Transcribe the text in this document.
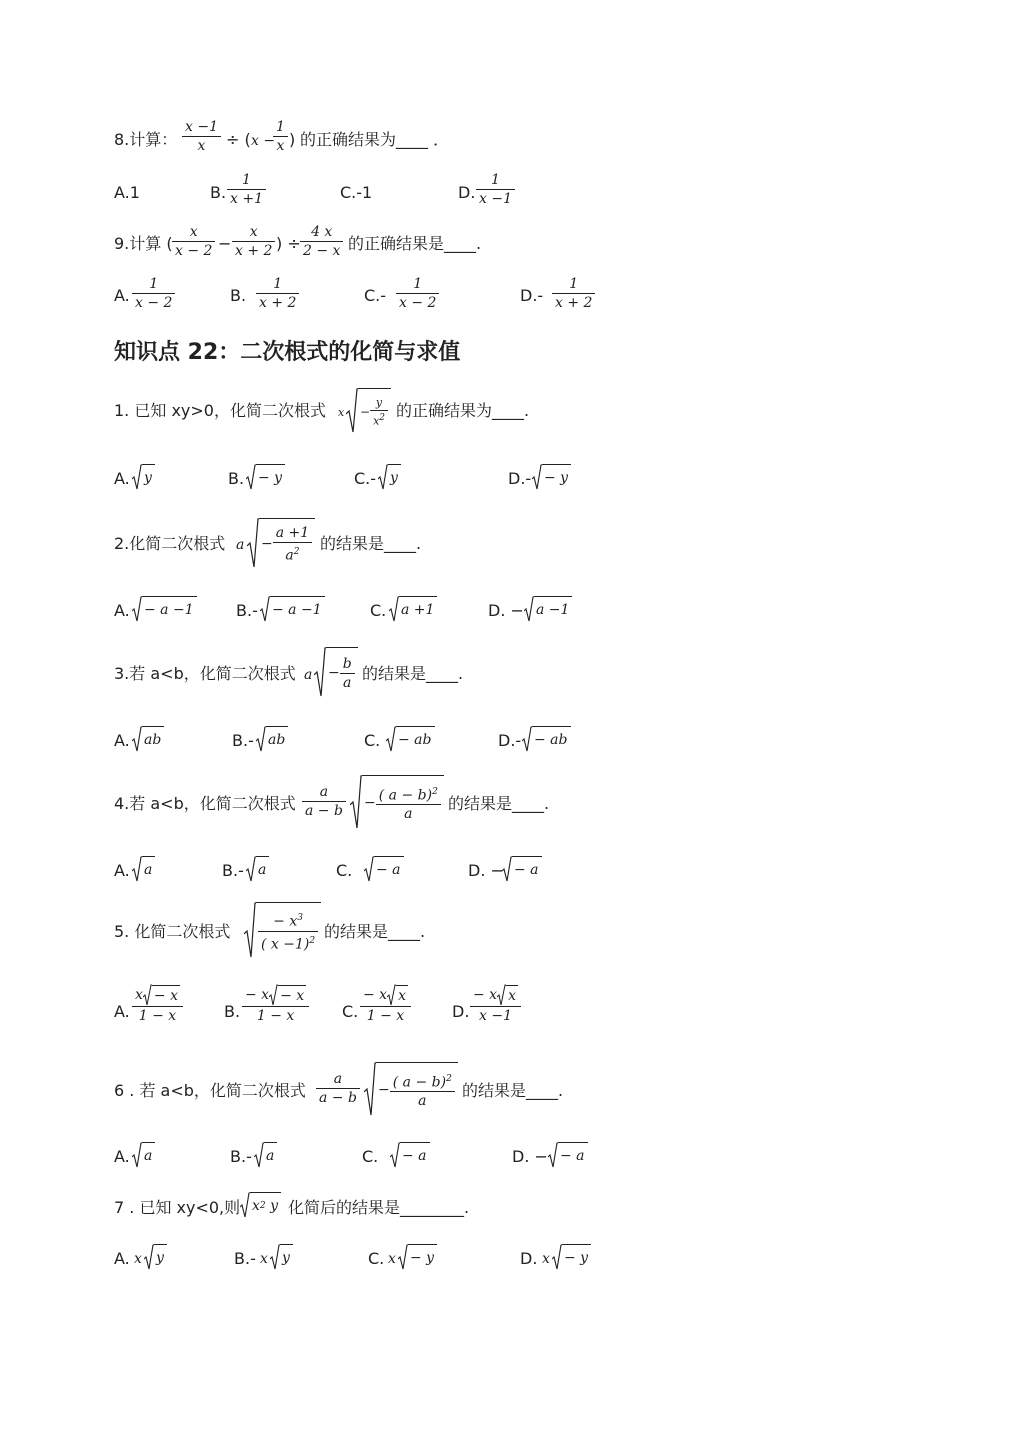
8.计算：
x −1
x ÷ ( x −
1
x ) 的正确结果为____ ．
A.1	B.
1
x +1	C.-1	D.
1
x −1
9.计算 (
x
x − 2 −
x
x + 2 ) ÷
4 x
2 − x 的正确结果是____.
A.
1
x − 2	B.
1
x + 2	C.-
1
x − 2	D.-
1
x + 2
知识点 22：二次根式的化简与求值
1. 已知 xy>0，化简二次根式 $x - \frac{y}{x^2}$ 的正确结果为____.
A. y	B. − y	C.- y	D.- − y
2.化简二次根式 $a - \frac{a +1}{a^2}$ 的结果是____.
A. − a −1	B.- − a −1	C. a +1	D. − a −1
3.若 a<b，化简二次根式 $a - \frac{b}{a}$ 的结果是____.
A. ab	B.- ab	C. − ab	D.- − ab
4.若 a<b，化简二次根式
a
$a - b - \frac{( a - b)^2}{a}$ 的结果是____.
A. a	B.- a	C. − a	D. − − a
5. 化简二次根式 $\frac{- x^3}{( x -1)^2}$ 的结果是____.
A.
x − x
1 − x	B.
− x − x
1 − x	C.
− x x
1 − x	D.
− x x
x −1
6 . 若 a<b，化简二次根式
a
$a - b - \frac{( a - b)^2}{a}$ 的结果是____.
A. a	B.- a	C. − a	D. − − a
7 . 已知 xy<0,则 x 2
y 化简后的结果是________.
A. x y	B.- x y	C. x − y	D. x − y
